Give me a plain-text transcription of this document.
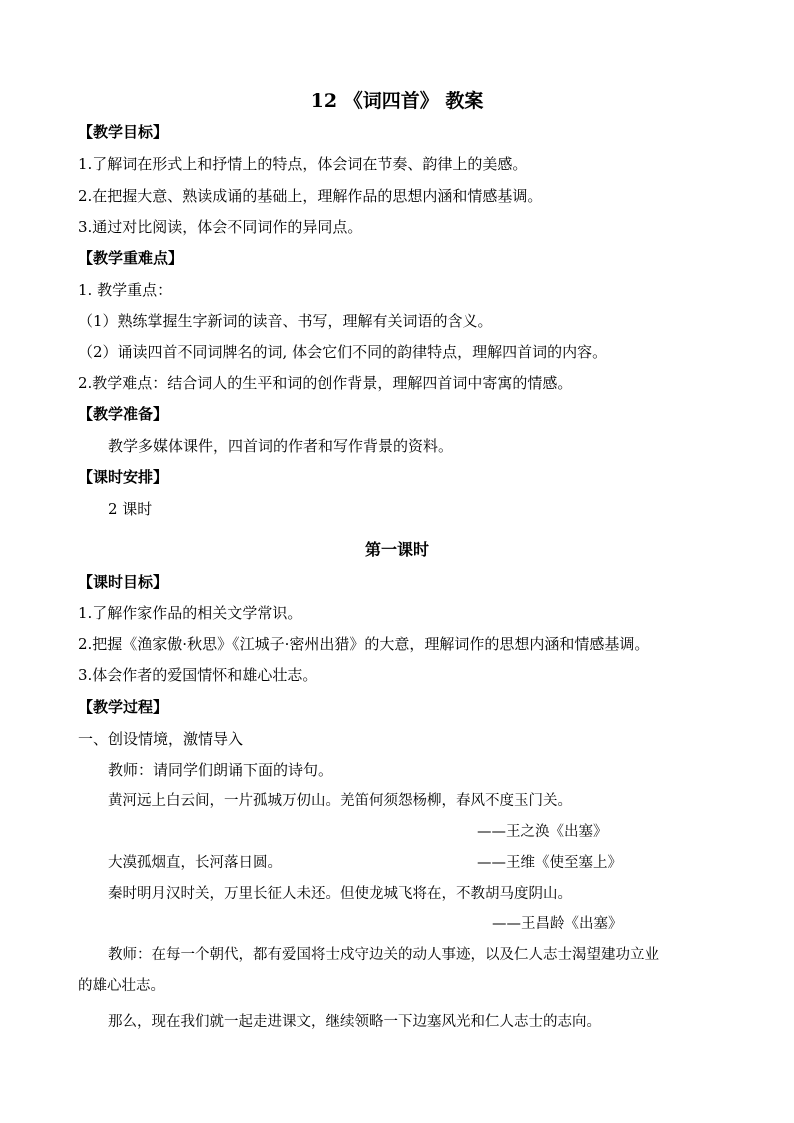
12 《词四首》 教案
【教学目标】
1.了解词在形式上和抒情上的特点，体会词在节奏、韵律上的美感。
2.在把握大意、熟读成诵的基础上，理解作品的思想内涵和情感基调。
3.通过对比阅读，体会不同词作的异同点。
【教学重难点】
1. 教学重点：
（1）熟练掌握生字新词的读音、书写，理解有关词语的含义。
（2）诵读四首不同词牌名的词, 体会它们不同的韵律特点，理解四首词的内容。
2.教学难点：结合词人的生平和词的创作背景，理解四首词中寄寓的情感。
【教学准备】
教学多媒体课件，四首词的作者和写作背景的资料。
【课时安排】
2 课时
第一课时
【课时目标】
1.了解作家作品的相关文学常识。
2.把握《渔家傲·秋思》《江城子·密州出猎》的大意，理解词作的思想内涵和情感基调。
3.体会作者的爱国情怀和雄心壮志。
【教学过程】
一、创设情境，激情导入
教师：请同学们朗诵下面的诗句。
黄河远上白云间，一片孤城万仞山。羌笛何须怨杨柳，春风不度玉门关。
——王之涣《出塞》
大漠孤烟直，长河落日圆。	——王维《使至塞上》
秦时明月汉时关，万里长征人未还。但使龙城飞将在，不教胡马度阴山。
——王昌龄《出塞》
教师：在每一个朝代，都有爱国将士戍守边关的动人事迹，以及仁人志士渴望建功立业
的雄心壮志。
那么，现在我们就一起走进课文，继续领略一下边塞风光和仁人志士的志向。
